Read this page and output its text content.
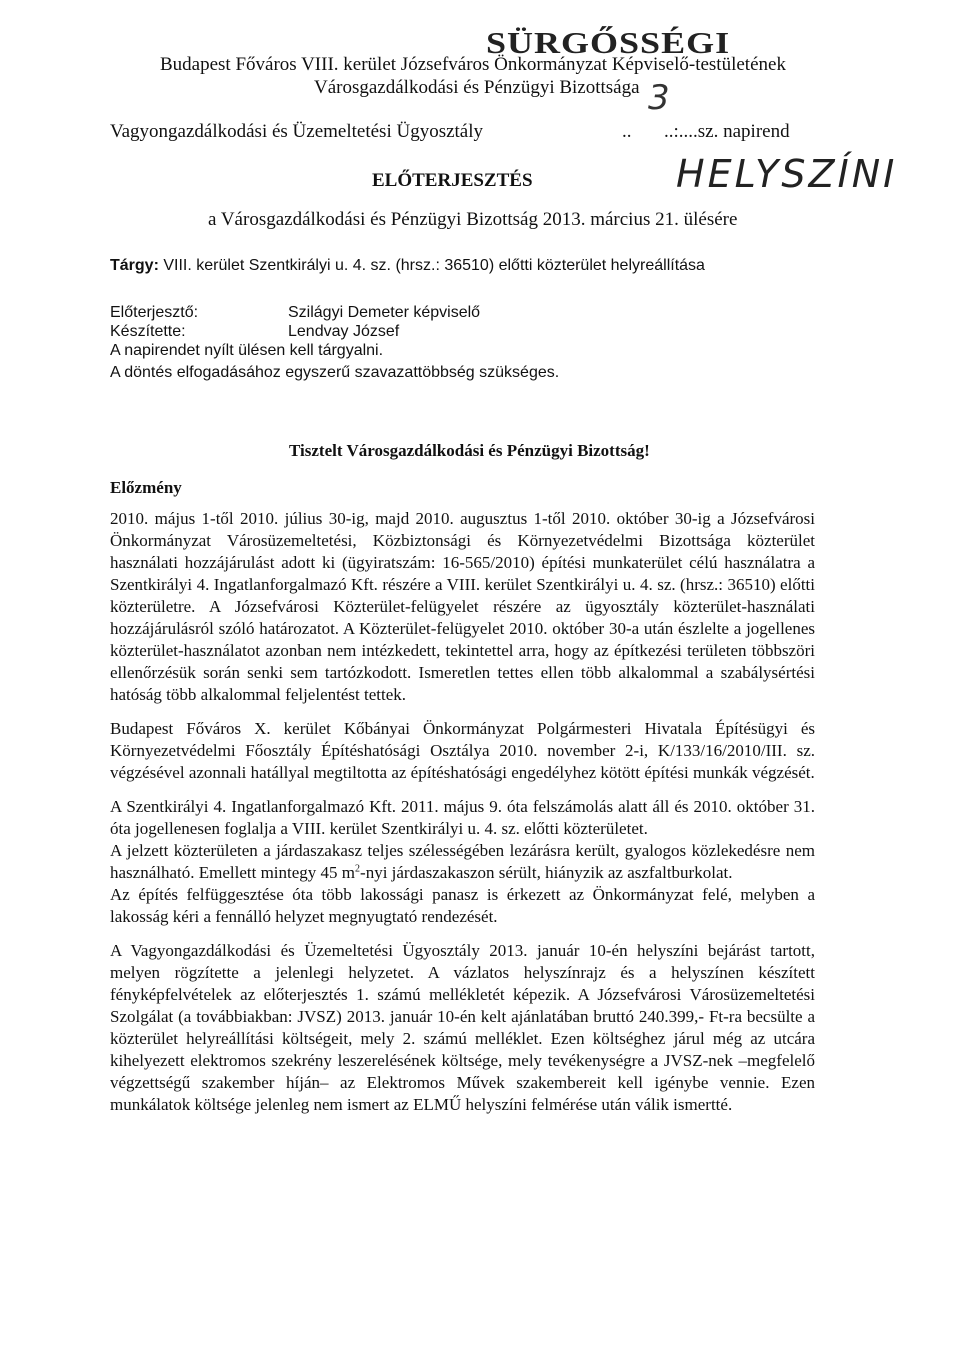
SÜRGŐSSÉGI
Budapest Főváros VIII. kerület Józsefváros Önkormányzat Képviselő-testületének
Városgazdálkodási és Pénzügyi Bizottsága 3
Vagyongazdálkodási és Üzemeltetési Ügyosztály	.. ..:....sz. napirend
ELŐTERJESZTÉS	HELYSZÍNI
a Városgazdálkodási és Pénzügyi Bizottság 2013. március 21. ülésére
Tárgy: VIII. kerület Szentkirályi u. 4. sz. (hrsz.: 36510) előtti közterület helyreállítása
Előterjesztő:	Szilágyi Demeter képviselő
Készítette:	Lendvay József
A napirendet nyílt ülésen kell tárgyalni.
A döntés elfogadásához egyszerű szavazattöbbség szükséges.
Tisztelt Városgazdálkodási és Pénzügyi Bizottság!
Előzmény

2010. május 1-től 2010. július 30-ig, majd 2010. augusztus 1-től 2010. október 30-ig a Józsefvárosi Önkormányzat Városüzemeltetési, Közbiztonsági és Környezetvédelmi Bizottsága közterület használati hozzájárulást adott ki (ügyiratszám: 16-565/2010) építési munkaterület célú használatra a Szentkirályi 4. Ingatlanforgalmazó Kft. részére a VIII. kerület Szentkirályi u. 4. sz. (hrsz.: 36510) előtti közterületre. A Józsefvárosi Közterület-felügyelet részére az ügyosztály közterület-használati hozzájárulásról szóló határozatot. A Közterület-felügyelet 2010. október 30-a után észlelte a jogellenes közterület-használatot azonban nem intézkedett, tekintettel arra, hogy az építkezési területen többszöri ellenőrzésük során senki sem tartózkodott. Ismeretlen tettes ellen több alkalommal a szabálysértési hatóság több alkalommal feljelentést tettek.

Budapest Főváros X. kerület Kőbányai Önkormányzat Polgármesteri Hivatala Építésügyi és Környezetvédelmi Főosztály Építéshatósági Osztálya 2010. november 2-i, K/133/16/2010/III. sz. végzésével azonnali hatállyal megtiltotta az építéshatósági engedélyhez kötött építési munkák végzését.

A Szentkirályi 4. Ingatlanforgalmazó Kft. 2011. május 9. óta felszámolás alatt áll és 2010. október 31. óta jogellenesen foglalja a VIII. kerület Szentkirályi u. 4. sz. előtti közterületet.

A jelzett közterületen a járdaszakasz teljes szélességében lezárásra került, gyalogos közlekedésre nem használható. Emellett mintegy 45 $m^2$-nyi járdaszakaszon sérült, hiányzik az aszfaltburkolat.

Az építés felfüggesztése óta több lakossági panasz is érkezett az Önkormányzat felé, melyben a lakosság kéri a fennálló helyzet megnyugtató rendezését.

A Vagyongazdálkodási és Üzemeltetési Ügyosztály 2013. január 10-én helyszíni bejárást tartott, melyen rögzítette a jelenlegi helyzetet. A vázlatos helyszínrajz és a helyszínen készített fényképfelvételek az előterjesztés 1. számú mellékletét képezik. A Józsefvárosi Városüzemeltetési Szolgálat (a továbbiakban: JVSZ) 2013. január 10-én kelt ajánlatában bruttó 240.399,- Ft-ra becsülte a közterület helyreállítási költségeit, mely 2. számú melléklet. Ezen költséghez járul még az utcára kihelyezett elektromos szekrény leszerelésének költsége, mely tevékenységre a JVSZ-nek –megfelelő végzettségű szakember híján– az Elektromos Művek szakembereit kell igénybe vennie. Ezen munkálatok költsége jelenleg nem ismert az ELMŰ helyszíni felmérése után válik ismertté.
